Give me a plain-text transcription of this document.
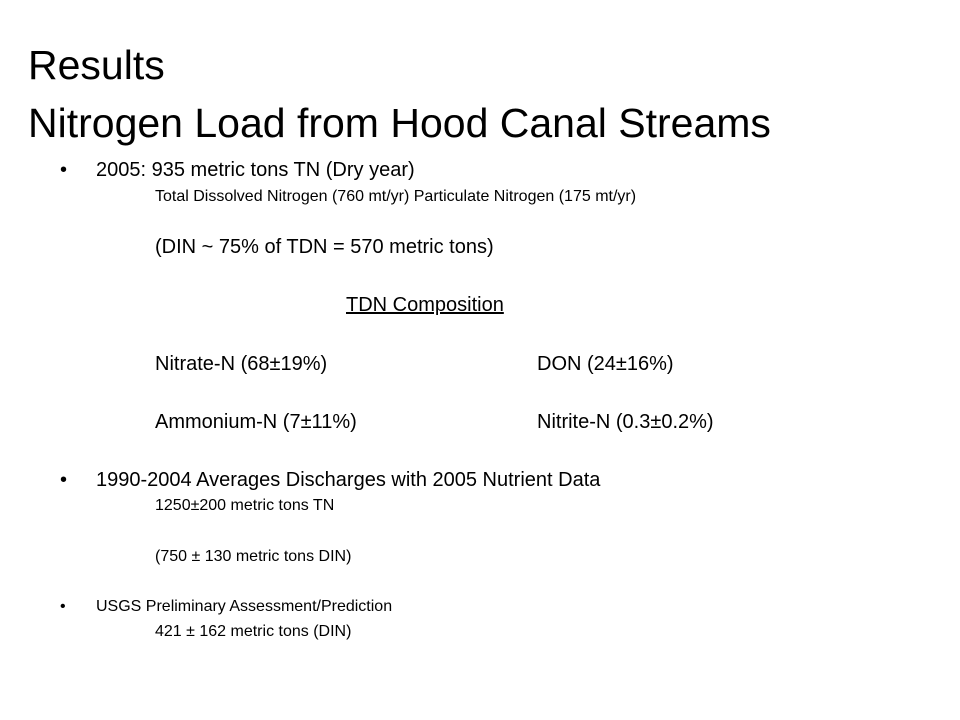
Results
Nitrogen Load from Hood Canal Streams
• 2005: 935 metric tons TN (Dry year)
Total Dissolved Nitrogen (760 mt/yr) Particulate Nitrogen (175 mt/yr)
(DIN ~ 75% of TDN = 570 metric tons)
TDN Composition
Nitrate-N (68±19%)	DON (24±16%)
Ammonium-N (7±11%)	Nitrite-N (0.3±0.2%)
• 1990-2004 Averages Discharges with 2005 Nutrient Data
1250±200 metric tons TN
(750 ± 130 metric tons DIN)
• USGS Preliminary Assessment/Prediction
421 ± 162 metric tons (DIN)
